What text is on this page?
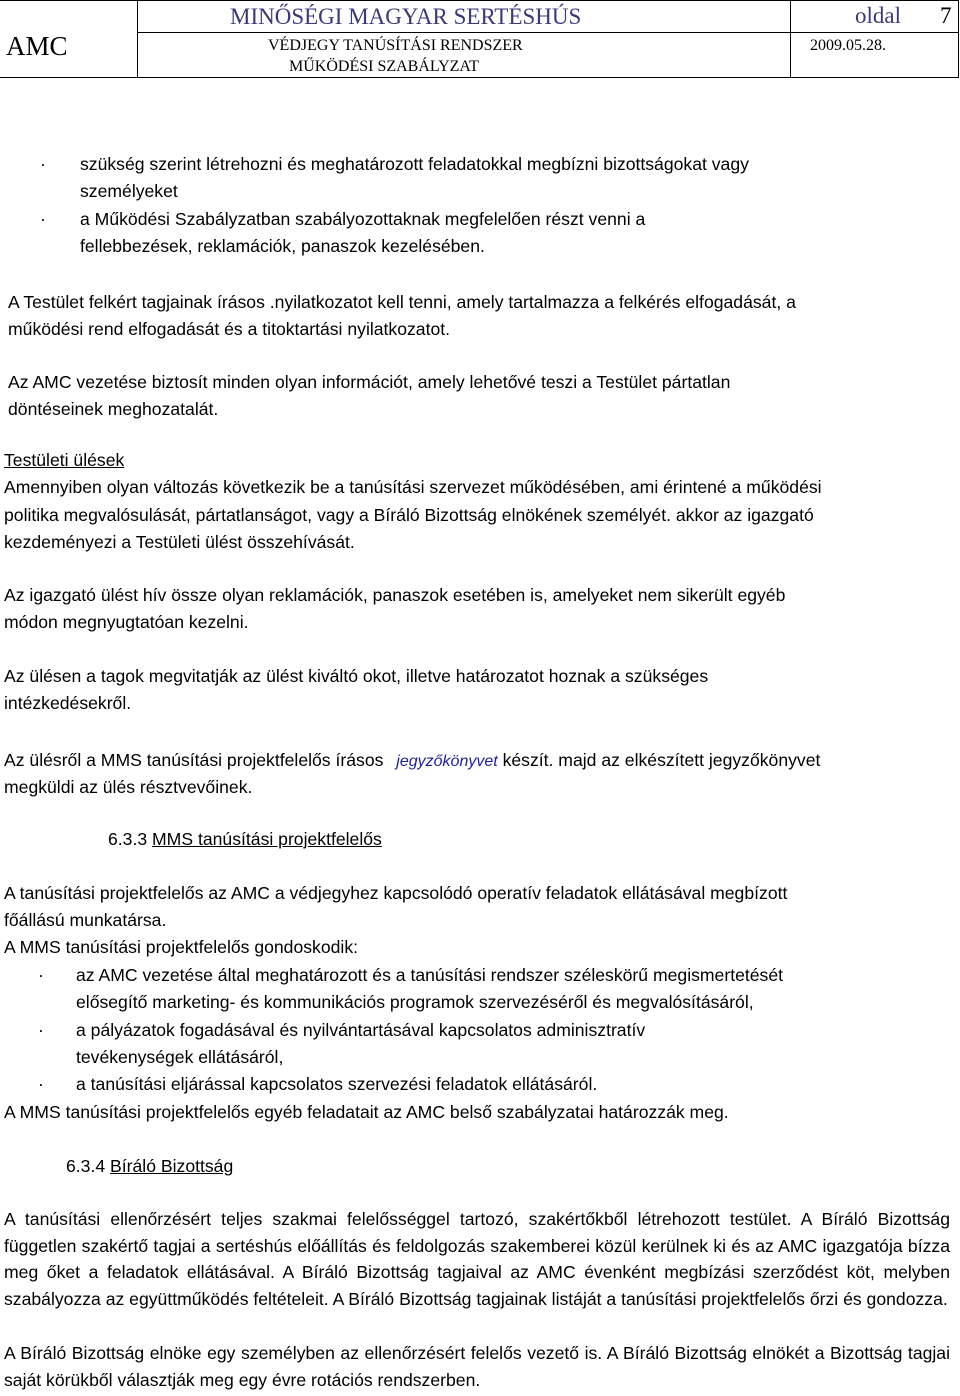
AMC
MINŐSÉGI MAGYAR SERTÉSHÚS
VÉDJEGY TANÚSÍTÁSI RENDSZER
MŰKÖDÉSI SZABÁLYZAT
oldal 7
2009.05.28.
· szükség szerint létrehozni és meghatározott feladatokkal megbízni bizottságokat vagy
személyeket
· a Működési Szabályzatban szabályozottaknak megfelelően részt venni a
fellebbezések, reklamációk, panaszok kezelésében.
A Testület felkért tagjainak írásos .nyilatkozatot kell tenni, amely tartalmazza a felkérés elfogadását, a
működési rend elfogadását és a titoktartási nyilatkozatot.
Az AMC vezetése biztosít minden olyan információt, amely lehetővé teszi a Testület pártatlan
döntéseinek meghozatalát.
Testületi ülések
Amennyiben olyan változás következik be a tanúsítási szervezet működésében, ami érintené a működési
politika megvalósulását, pártatlanságot, vagy a Bíráló Bizottság elnökének személyét. akkor az igazgató
kezdeményezi a Testületi ülést összehívását.
Az igazgató ülést hív össze olyan reklamációk, panaszok esetében is, amelyeket nem sikerült egyéb
módon megnyugtatóan kezelni.
Az ülésen a tagok megvitatják az ülést kiváltó okot, illetve határozatot hoznak a szükséges
intézkedésekről.
Az ülésről a MMS tanúsítási projektfelelős írásos jegyzőkönyvet készít. majd az elkészített jegyzőkönyvet
megküldi az ülés résztvevőinek.
6.3.3 MMS tanúsítási projektfelelős
A tanúsítási projektfelelős az AMC a védjegyhez kapcsolódó operatív feladatok ellátásával megbízott
főállású munkatársa.
A MMS tanúsítási projektfelelős gondoskodik:
· az AMC vezetése által meghatározott és a tanúsítási rendszer széleskörű megismertetését
elősegítő marketing- és kommunikációs programok szervezéséről és megvalósításáról,
· a pályázatok fogadásával és nyilvántartásával kapcsolatos adminisztratív
tevékenységek ellátásáról,
· a tanúsítási eljárással kapcsolatos szervezési feladatok ellátásáról.
A MMS tanúsítási projektfelelős egyéb feladatait az AMC belső szabályzatai határozzák meg.
6.3.4 Bíráló Bizottság
A tanúsítási ellenőrzésért teljes szakmai felelősséggel tartozó, szakértőkből létrehozott testület. A Bíráló Bizottság független szakértő tagjai a sertéshús előállítás és feldolgozás szakemberei közül kerülnek ki és az AMC igazgatója bízza meg őket a feladatok ellátásával. A Bíráló Bizottság tagjaival az AMC évenként megbízási szerződést köt, melyben szabályozza az együttműködés feltételeit. A Bíráló Bizottság tagjainak listáját a tanúsítási projektfelelős őrzi és gondozza.
A Bíráló Bizottság elnöke egy személyben az ellenőrzésért felelős vezető is. A Bíráló Bizottság elnökét a Bizottság tagjai saját körükből választják meg egy évre rotációs rendszerben.
